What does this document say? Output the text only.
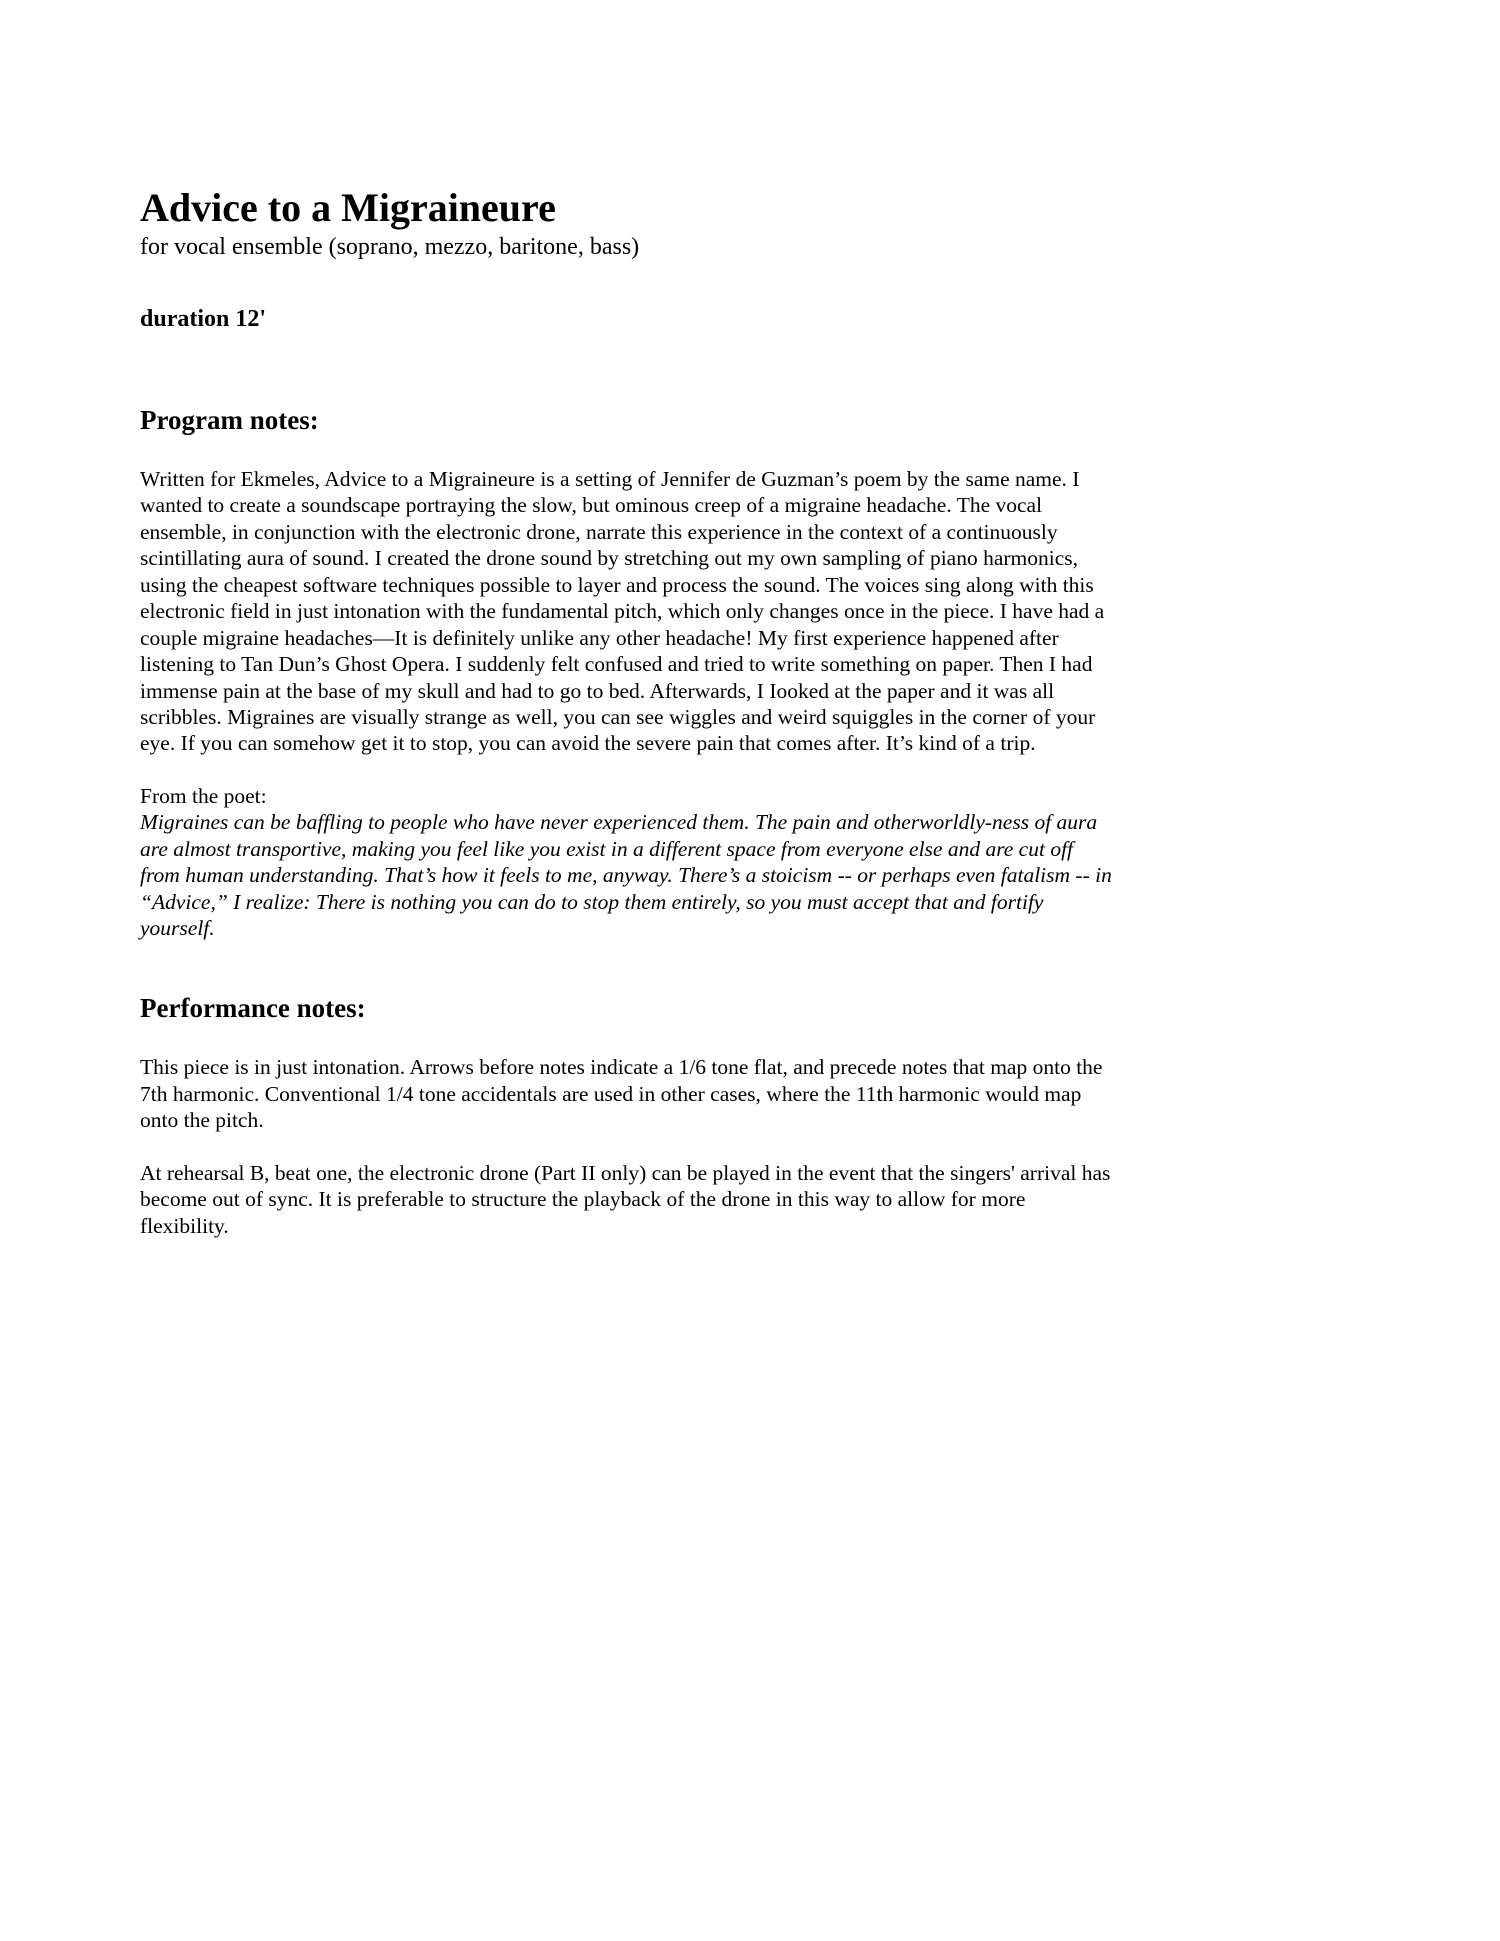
Advice to a Migraineure
for vocal ensemble (soprano, mezzo, baritone, bass)
duration 12'
Program notes:

Written for Ekmeles, Advice to a Migraineure is a setting of Jennifer de Guzman’s poem by the same name. I wanted to create a soundscape portraying the slow, but ominous creep of a migraine headache. The vocal ensemble, in conjunction with the electronic drone, narrate this experience in the context of a continuously scintillating aura of sound. I created the drone sound by stretching out my own sampling of piano harmonics, using the cheapest software techniques possible to layer and process the sound. The voices sing along with this electronic field in just intonation with the fundamental pitch, which only changes once in the piece. I have had a couple migraine headaches—It is definitely unlike any other headache! My first experience happened after listening to Tan Dun’s Ghost Opera. I suddenly felt confused and tried to write something on paper. Then I had immense pain at the base of my skull and had to go to bed. Afterwards, I Iooked at the paper and it was all scribbles. Migraines are visually strange as well, you can see wiggles and weird squiggles in the corner of your eye. If you can somehow get it to stop, you can avoid the severe pain that comes after. It’s kind of a trip.

From the poet:

Migraines can be baffling to people who have never experienced them. The pain and otherworldly-ness of aura are almost transportive, making you feel like you exist in a different space from everyone else and are cut off from human understanding. That’s how it feels to me, anyway. There’s a stoicism -- or perhaps even fatalism -- in “Advice,” I realize: There is nothing you can do to stop them entirely, so you must accept that and fortify yourself.

Performance notes:

This piece is in just intonation. Arrows before notes indicate a 1/6 tone flat, and precede notes that map onto the 7th harmonic. Conventional 1/4 tone accidentals are used in other cases, where the 11th harmonic would map onto the pitch.

At rehearsal B, beat one, the electronic drone (Part II only) can be played in the event that the singers' arrival has become out of sync. It is preferable to structure the playback of the drone in this way to allow for more flexibility.
